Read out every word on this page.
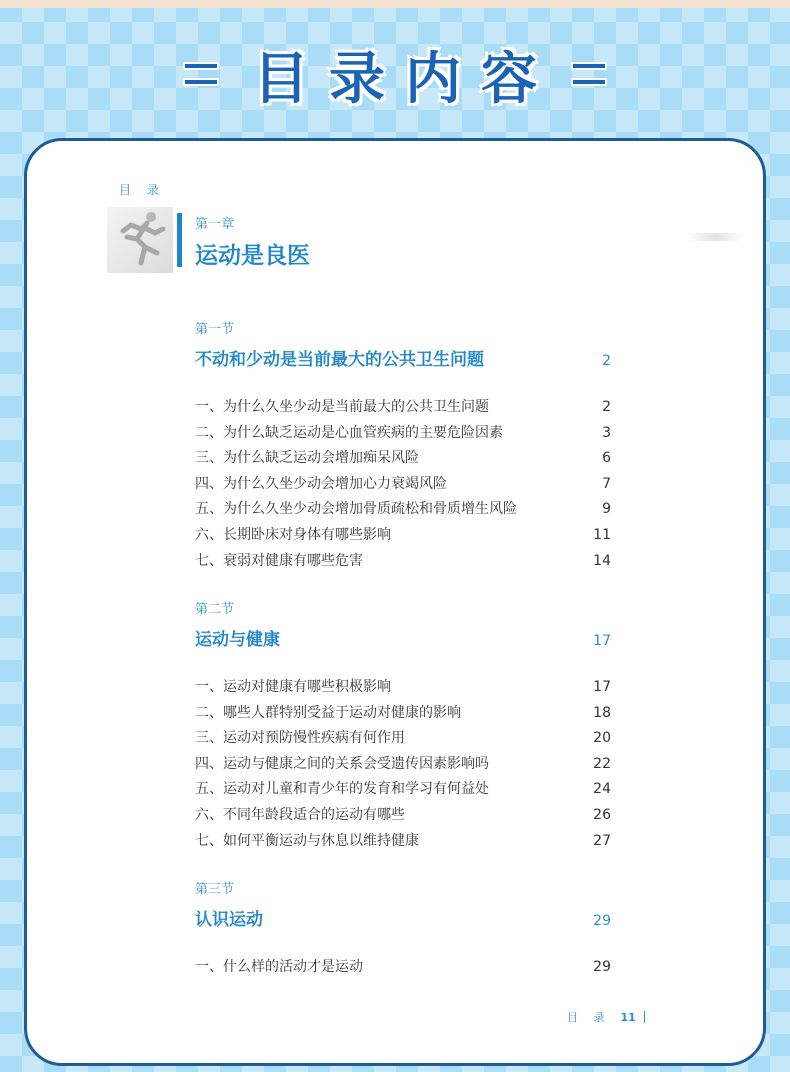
目录内容
目 录
第一章
运动是良医
第一节
不动和少动是当前最大的公共卫生问题	2
一、为什么久坐少动是当前最大的公共卫生问题	2
二、为什么缺乏运动是心血管疾病的主要危险因素	3
三、为什么缺乏运动会增加痴呆风险	6
四、为什么久坐少动会增加心力衰竭风险	7
五、为什么久坐少动会增加骨质疏松和骨质增生风险	9
六、长期卧床对身体有哪些影响	11
七、衰弱对健康有哪些危害	14
第二节
运动与健康	17
一、运动对健康有哪些积极影响	17
二、哪些人群特别受益于运动对健康的影响	18
三、运动对预防慢性疾病有何作用	20
四、运动与健康之间的关系会受遗传因素影响吗	22
五、运动对儿童和青少年的发育和学习有何益处	24
六、不同年龄段适合的运动有哪些	26
七、如何平衡运动与休息以维持健康	27
第三节
认识运动	29
一、什么样的活动才是运动	29
目 录 11
